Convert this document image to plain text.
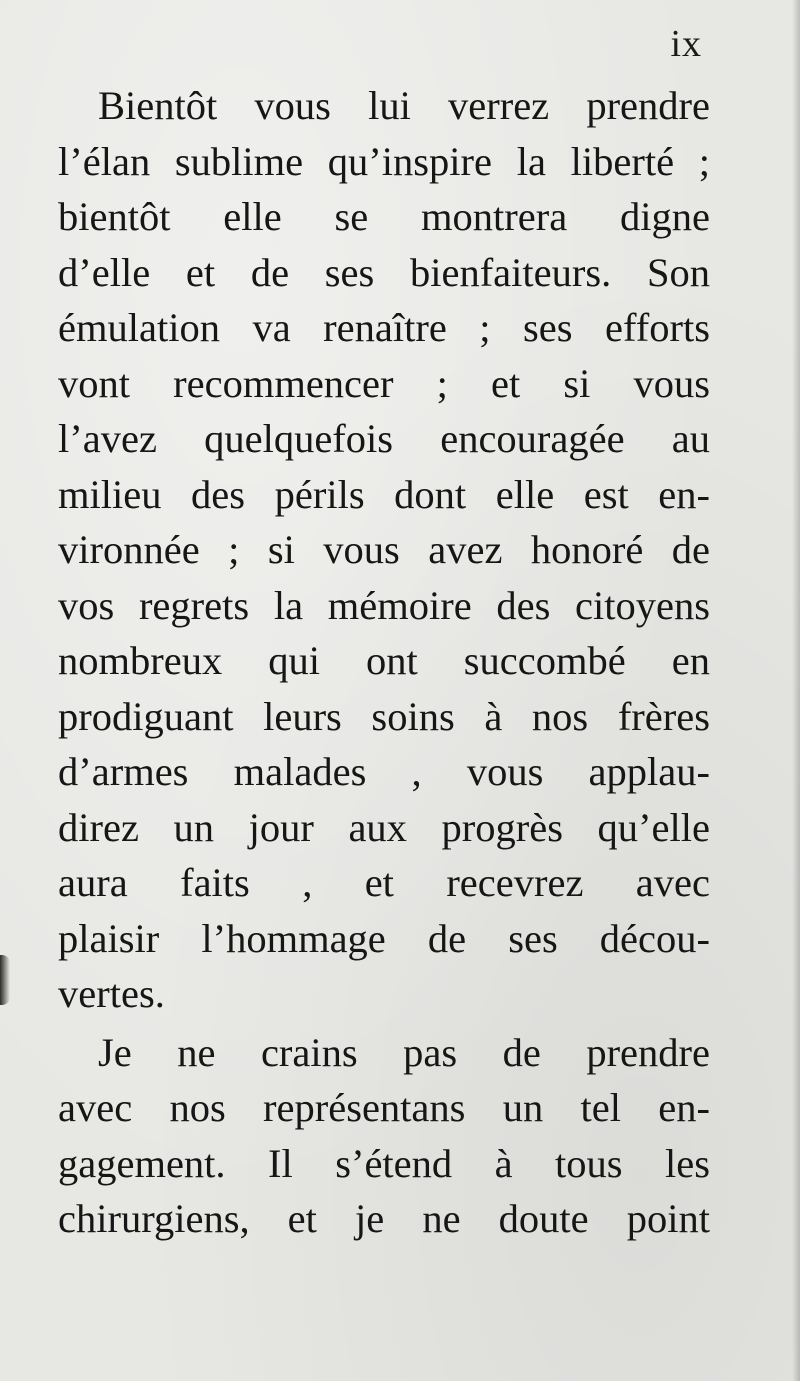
ix
Bientôt vous lui verrez prendre
l’élan sublime qu’inspire la liberté ;
bientôt elle se montrera digne
d’elle et de ses bienfaiteurs. Son
émulation va renaître ; ses efforts
vont recommencer ; et si vous
l’avez quelquefois encouragée au
milieu des périls dont elle est en-
vironnée ; si vous avez honoré de
vos regrets la mémoire des citoyens
nombreux qui ont succombé en
prodiguant leurs soins à nos frères
d’armes malades , vous applau-
direz un jour aux progrès qu’elle
aura faits , et recevrez avec
plaisir l’hommage de ses décou-
vertes.
Je ne crains pas de prendre
avec nos représentans un tel en-
gagement. Il s’étend à tous les
chirurgiens, et je ne doute point
